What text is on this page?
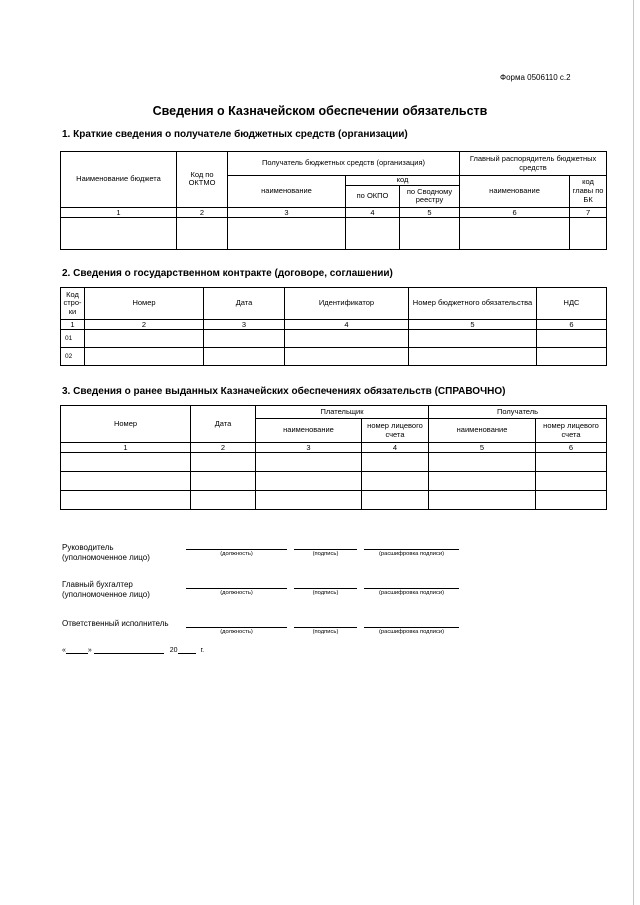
Форма 0506110 с.2
Сведения о Казначейском обеспечении обязательств
1. Краткие сведения о получателе бюджетных средств (организации)
Наименование бюджета	Код по ОКТМО	Получатель бюджетных средств (организация)			Главный распорядитель бюджетных средств	
		наименование	код		наименование	код главы по БК
			по ОКПО	по Сводному реестру		
1	2	3	4	5	6	7

2. Сведения о государственном контракте (договоре, соглашении)
Код стро- ки	Номер	Дата	Идентификатор	Номер бюджетного обязательства	НДС
1	2	3	4	5	6
01					
02					
3. Сведения о ранее выданных Казначейских обеспечениях обязательств (СПРАВОЧНО)
Номер	Дата	Плательщик		Получатель	
		наименование	номер лицевого счета	наименование	номер лицевого счета
1	2	3	4	5	6

Руководитель
(уполномоченное лицо)	(должность)	(подпись)	(расшифровка подписи)
Главный бухгалтер
(уполномоченное лицо)	(должность)	(подпись)	(расшифровка подписи)
Ответственный исполнитель
(должность)	(подпись)	(расшифровка подписи)
«	»	20	г.
